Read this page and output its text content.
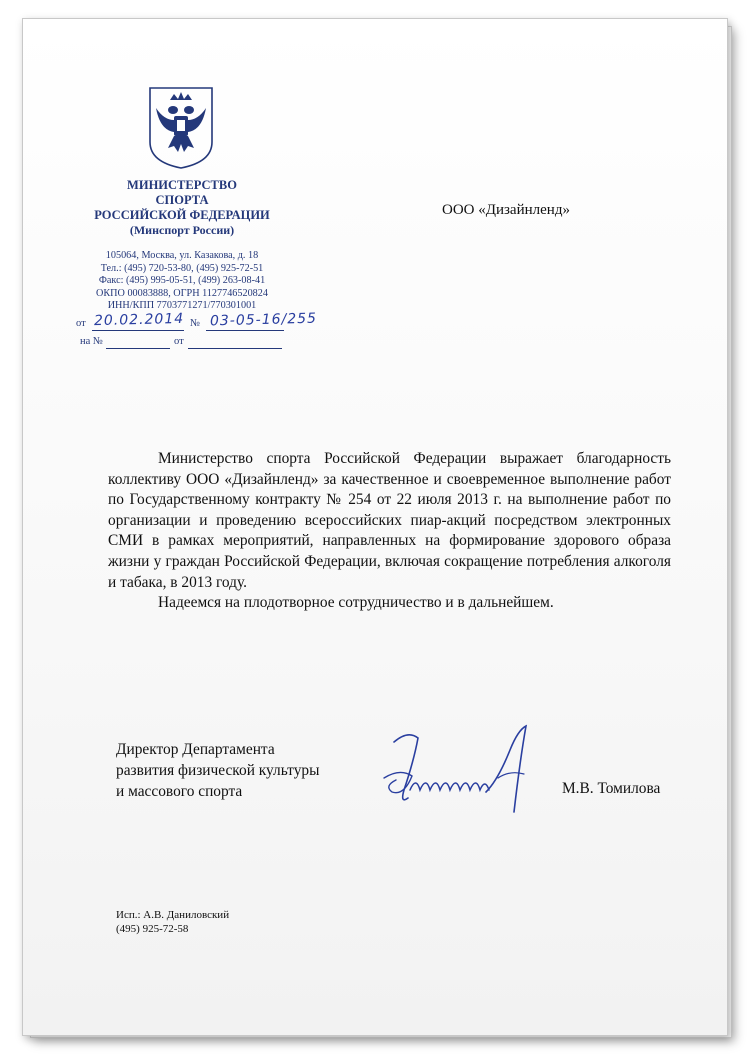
МИНИСТЕРСТВО
СПОРТА
РОССИЙСКОЙ ФЕДЕРАЦИИ
(Минспорт России)
105064, Москва, ул. Казакова, д. 18
Тел.: (495) 720-53-80, (495) 925-72-51
Факс: (495) 995-05-51, (499) 263-08-41
ОКПО 00083888, ОГРН 1127746520824
ИНН/КПП 7703771271/770301001
от 20.02.2014 № 03-05-16/255
на №	от
ООО «Дизайнленд»

Министерство спорта Российской Федерации выражает благодарность коллективу ООО «Дизайнленд» за качественное и своевременное выполнение работ по Государственному контракту № 254 от 22 июля 2013 г. на выполнение работ по организации и проведению всероссийских пиар-акций посредством электронных СМИ в рамках мероприятий, направленных на формирование здорового образа жизни у граждан Российской Федерации, включая сокращение потребления алкоголя и табака, в 2013 году.

Надеемся на плодотворное сотрудничество и в дальнейшем.

Директор Департамента
развития физической культуры
и массового спорта	М.В. Томилова
Исп.: А.В. Даниловский
(495) 925-72-58
